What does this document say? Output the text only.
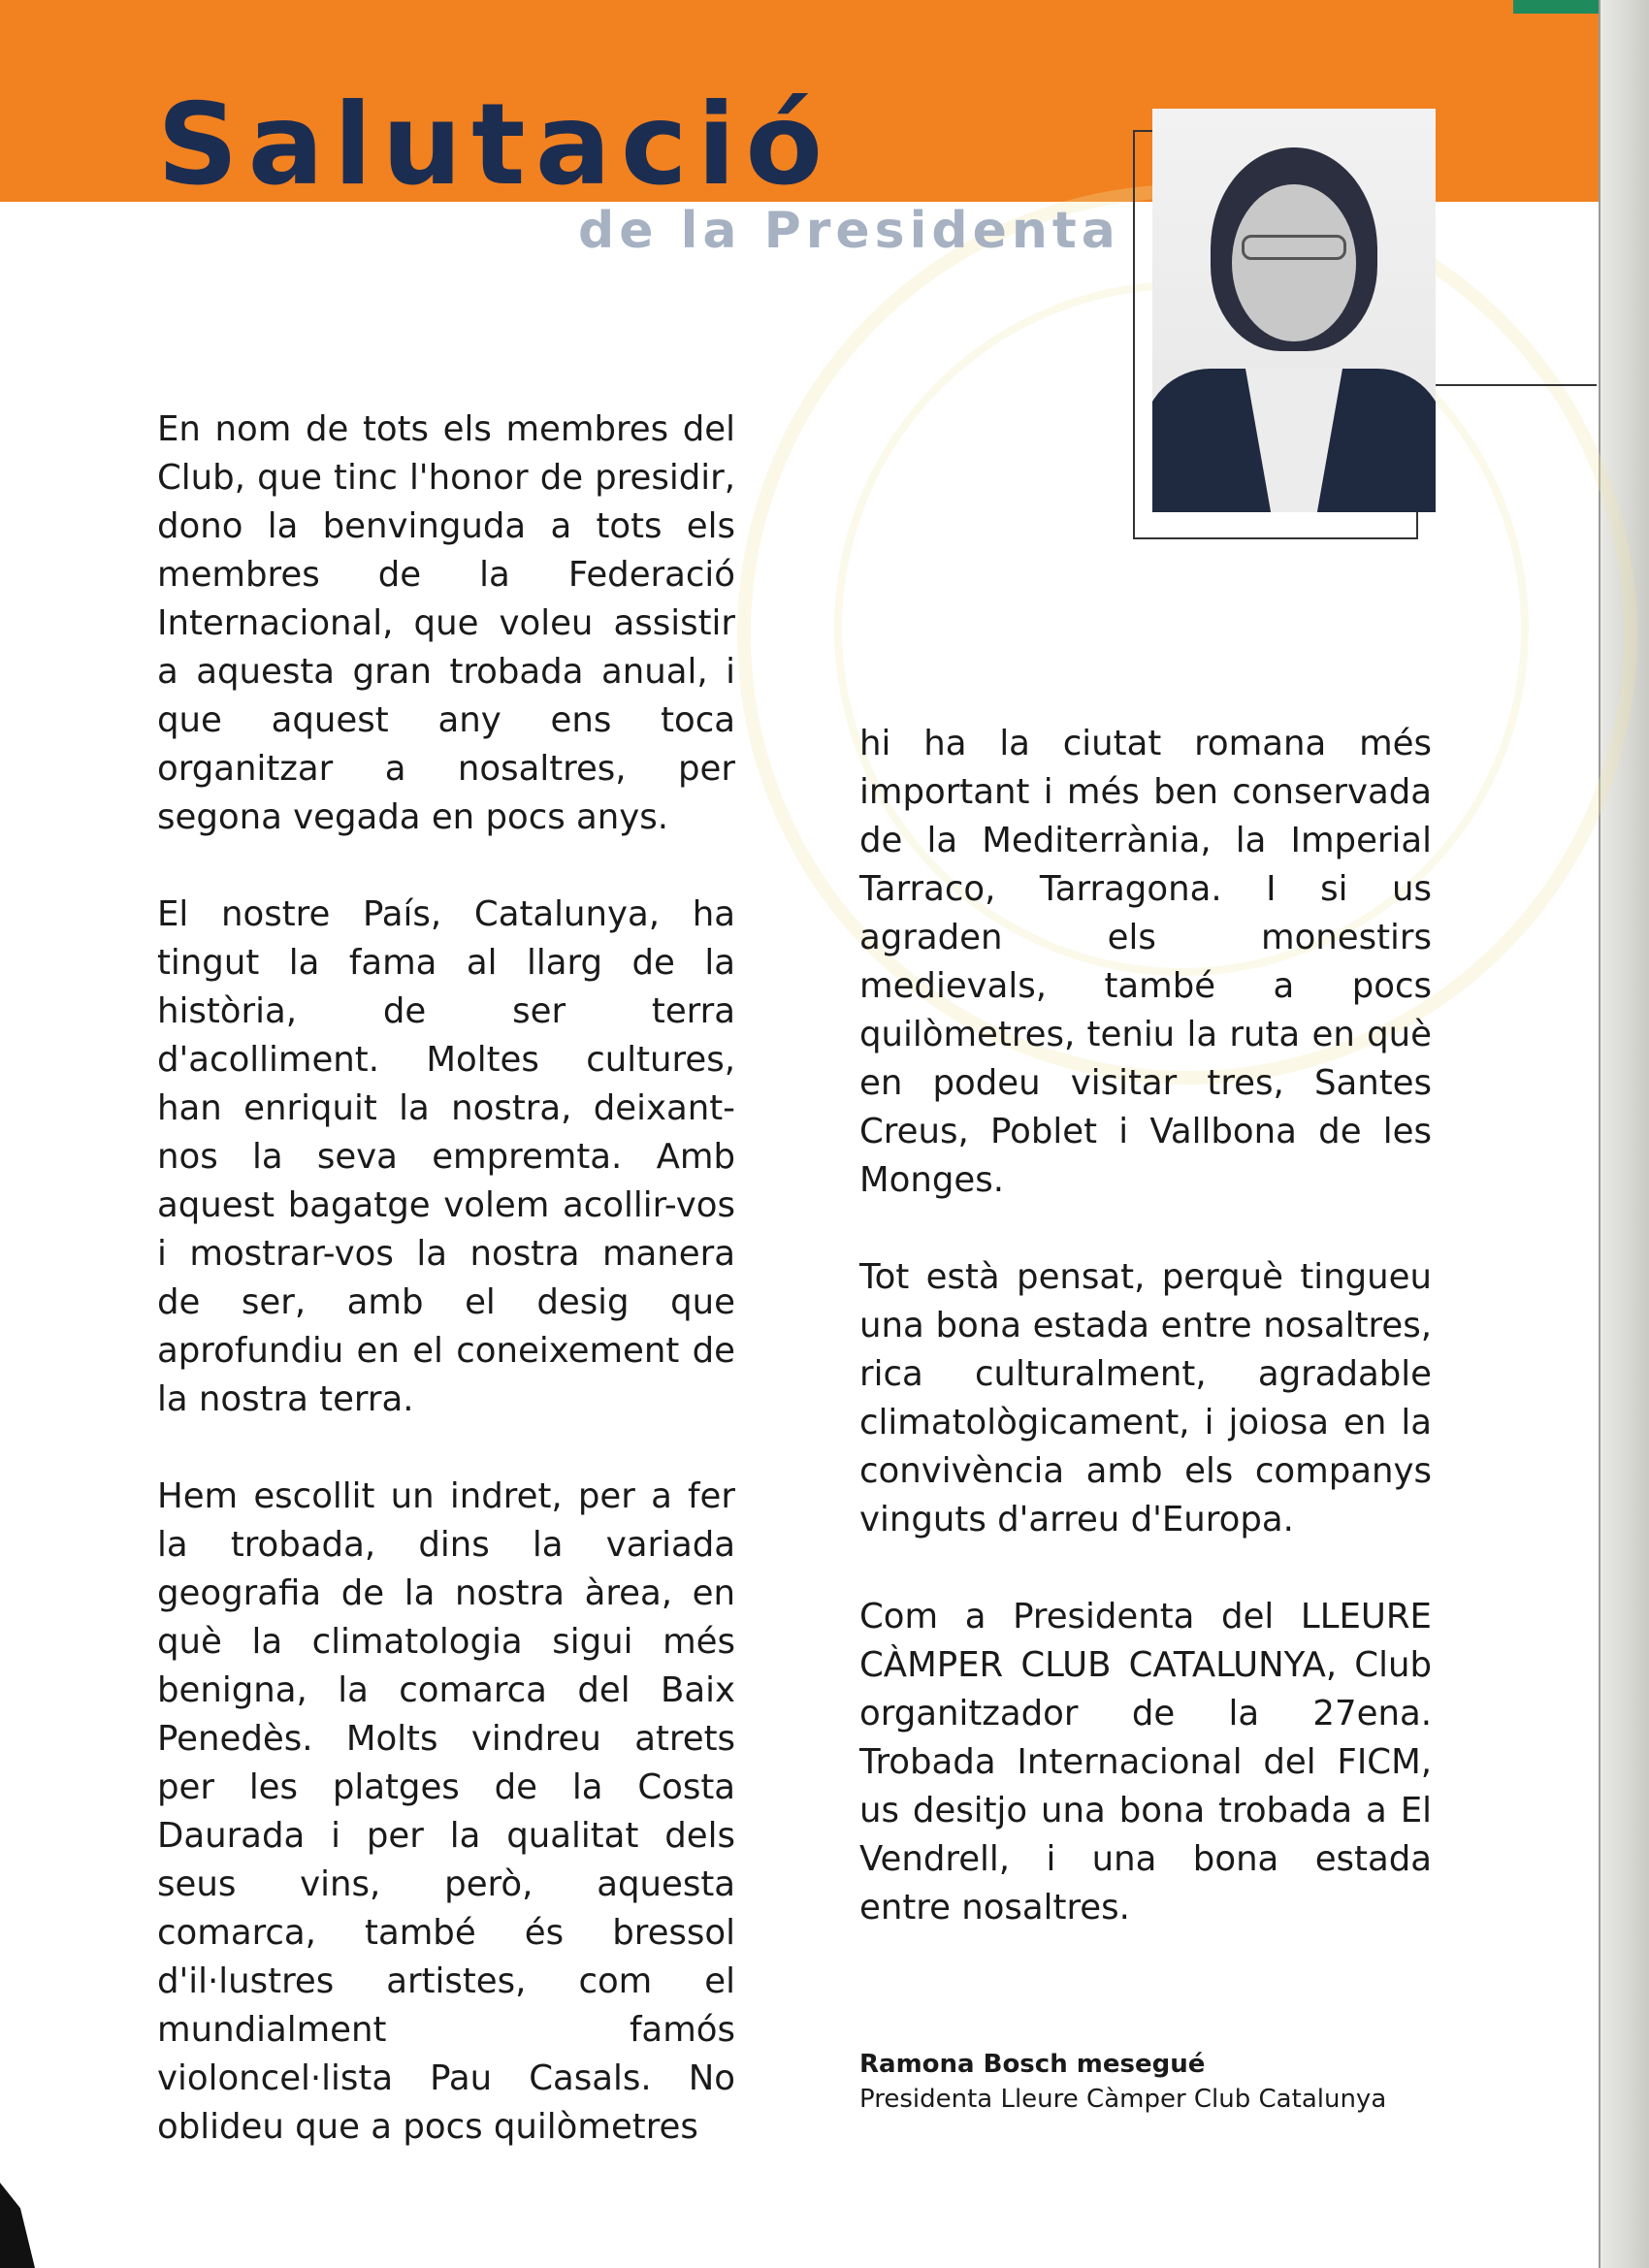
Salutació
de la Presidenta

En nom de tots els membres del Club, que tinc l'honor de presidir, dono la benvinguda a tots els membres de la Federació Internacional, que voleu assistir a aquesta gran trobada anual, i que aquest any ens toca organitzar a nosaltres, per segona vegada en pocs anys.

El nostre País, Catalunya, ha tingut la fama al llarg de la història, de ser terra d'acolliment. Moltes cultures, han enriquit la nostra, deixant-nos la seva empremta. Amb aquest bagatge volem acollir-vos i mostrar-vos la nostra manera de ser, amb el desig que aprofundiu en el coneixement de la nostra terra.

Hem escollit un indret, per a fer la trobada, dins la variada geografia de la nostra àrea, en què la climatologia sigui més benigna, la comarca del Baix Penedès. Molts vindreu atrets per les platges de la Costa Daurada i per la qualitat dels seus vins, però, aquesta comarca, també és bressol d'il·lustres artistes, com el mundialment famós violoncel·lista Pau Casals. No oblideu que a pocs quilòmetres

hi ha la ciutat romana més important i més ben conservada de la Mediterrània, la Imperial Tarraco, Tarragona. I si us agraden els monestirs medievals, també a pocs quilòmetres, teniu la ruta en què en podeu visitar tres, Santes Creus, Poblet i Vallbona de les Monges.

Tot està pensat, perquè tingueu una bona estada entre nosaltres, rica culturalment, agradable climatològicament, i joiosa en la convivència amb els companys vinguts d'arreu d'Europa.

Com a Presidenta del LLEURE CÀMPER CLUB CATALUNYA, Club organitzador de la 27ena. Trobada Internacional del FICM, us desitjo una bona trobada a El Vendrell, i una bona estada entre nosaltres.

Ramona Bosch mesegué

Presidenta Lleure Càmper Club Catalunya
